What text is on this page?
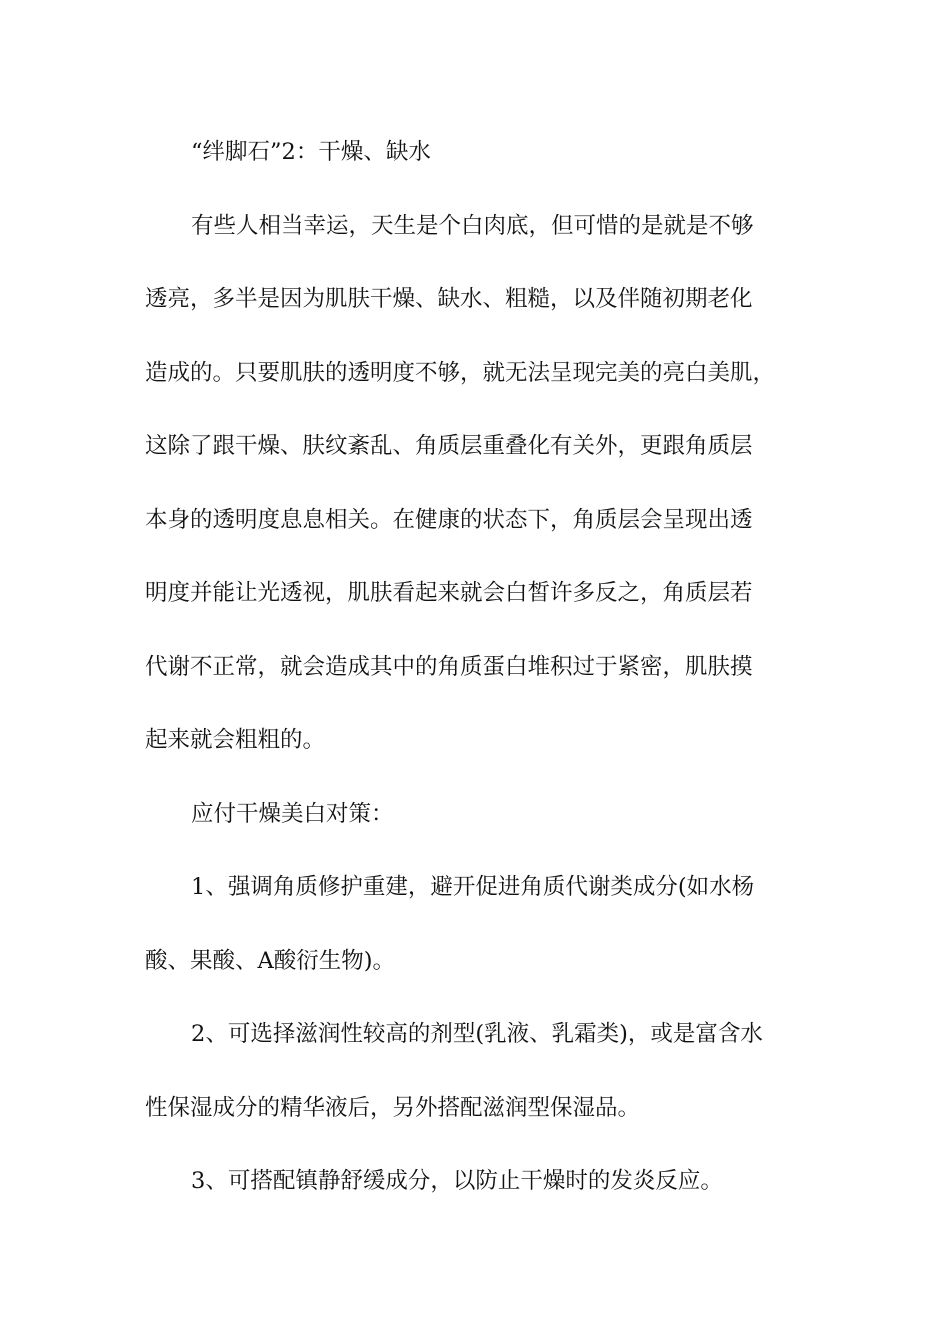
“绊脚石”2：干燥、缺水
有些人相当幸运，天生是个白肉底，但可惜的是就是不够
透亮，多半是因为肌肤干燥、缺水、粗糙，以及伴随初期老化
造成的。只要肌肤的透明度不够，就无法呈现完美的亮白美肌，
这除了跟干燥、肤纹紊乱、角质层重叠化有关外，更跟角质层
本身的透明度息息相关。在健康的状态下，角质层会呈现出透
明度并能让光透视，肌肤看起来就会白皙许多反之，角质层若
代谢不正常，就会造成其中的角质蛋白堆积过于紧密，肌肤摸
起来就会粗粗的。
应付干燥美白对策：
1、强调角质修护重建，避开促进角质代谢类成分(如水杨
酸、果酸、A酸衍生物)。
2、可选择滋润性较高的剂型(乳液、乳霜类)，或是富含水
性保湿成分的精华液后，另外搭配滋润型保湿品。
3、可搭配镇静舒缓成分，以防止干燥时的发炎反应。
